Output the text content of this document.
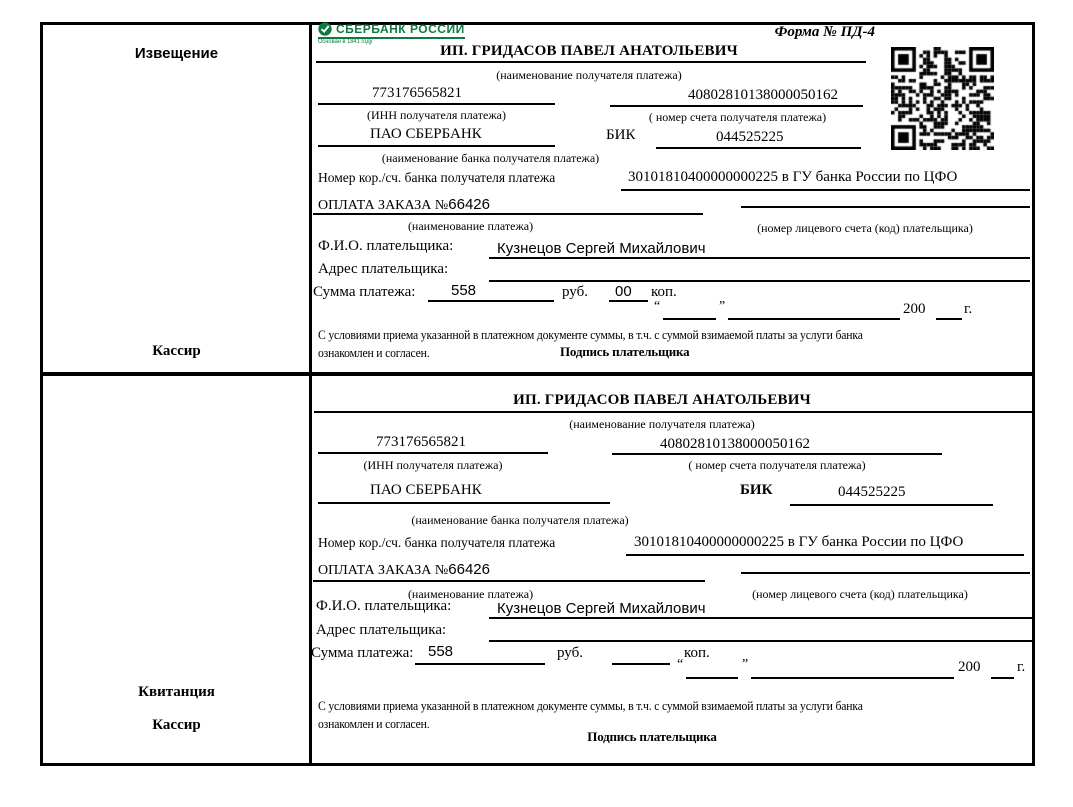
Извещение
Кассир
СБЕРБАНК РОССИИ
Основан в 1841 году
Форма № ПД-4
ИП. ГРИДАСОВ ПАВЕЛ АНАТОЛЬЕВИЧ
(наименование получателя платежа)
773176565821	40802810138000050162
(ИНН получателя платежа)	( номер счета получателя платежа)
ПАО СБЕРБАНК	БИК	044525225
(наименование банка получателя платежа)
Номер кор./сч. банка получателя платежа	30101810400000000225 в ГУ банка России по ЦФО
ОПЛАТА ЗАКАЗА №66426
(наименование платежа)	(номер лицевого счета (код) плательщика)
Ф.И.О. плательщика:	Кузнецов Сергей Михайлович
Адрес плательщика:
Сумма платежа: 558	руб. 00 коп.
“	”	200	г.
С условиями приема указанной в платежном документе суммы, в т.ч. с суммой взимаемой платы за услуги банка
ознакомлен и согласен.	Подпись плательщика
Квитанция
Кассир
ИП. ГРИДАСОВ ПАВЕЛ АНАТОЛЬЕВИЧ
(наименование получателя платежа)
773176565821	40802810138000050162
(ИНН получателя платежа)	( номер счета получателя платежа)
ПАО СБЕРБАНК	БИК	044525225
(наименование банка получателя платежа)
Номер кор./сч. банка получателя платежа	30101810400000000225 в ГУ банка России по ЦФО
ОПЛАТА ЗАКАЗА №66426
(наименование платежа)	(номер лицевого счета (код) плательщика)
Ф.И.О. плательщика:	Кузнецов Сергей Михайлович
Адрес плательщика:
Сумма платежа: 558	руб.	коп.
“	”	200 г.
С условиями приема указанной в платежном документе суммы, в т.ч. с суммой взимаемой платы за услуги банка
ознакомлен и согласен.
Подпись плательщика
